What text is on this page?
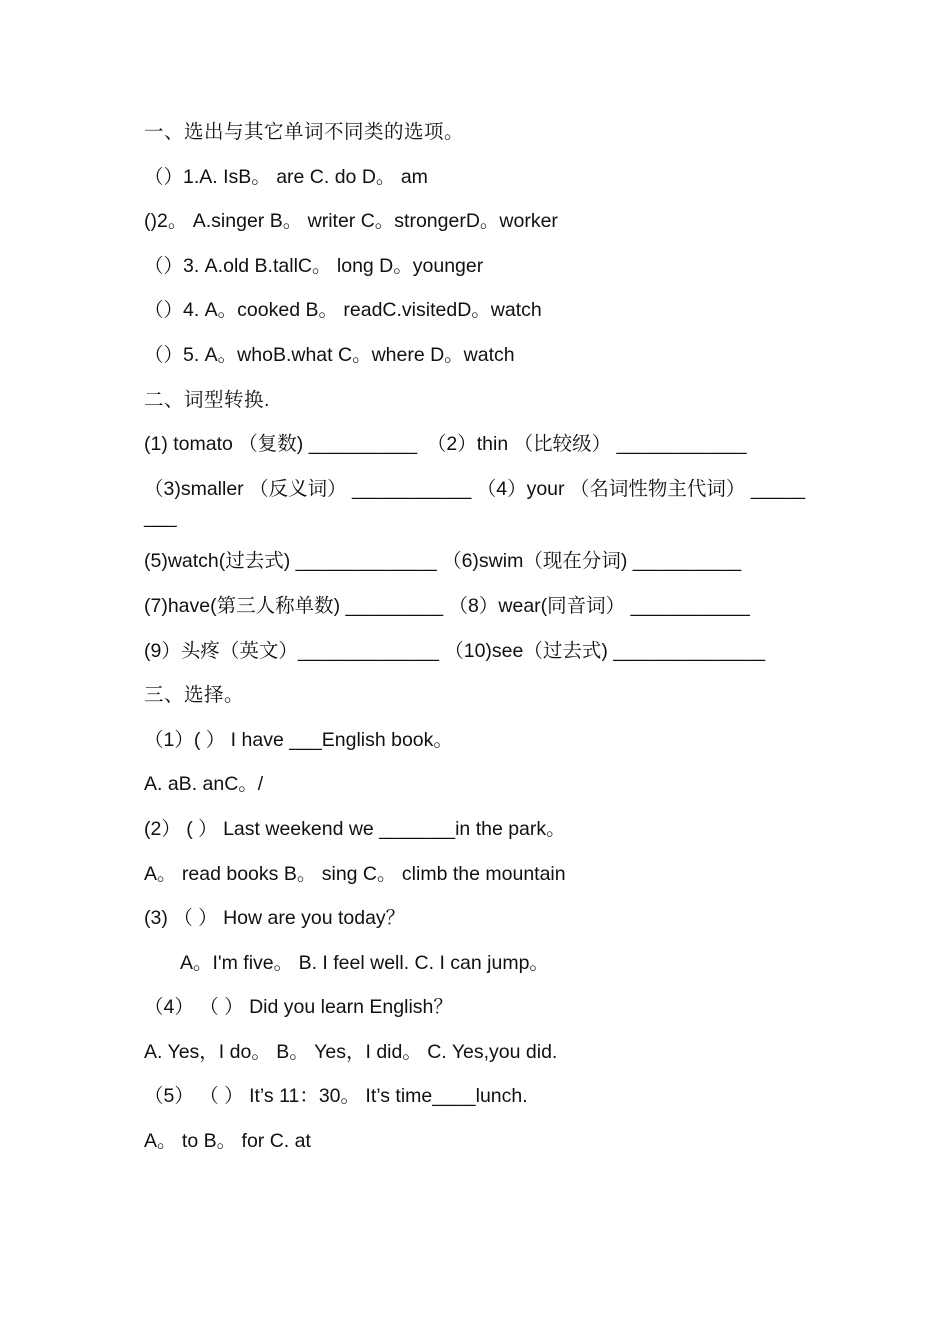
一、选出与其它单词不同类的选项。
（）1.A. IsB。 are C. do D。 am
()2。 A.singer B。 writer C。strongerD。worker
（）3. A.old B.tallC。 long D。younger
（）4. A。cooked B。 readC.visitedD。watch
（）5. A。whoB.what C。where D。watch
二、词型转换.
(1) tomato （复数) __________　（2）thin （比较级） ____________
（3)smaller （反义词） ___________ （4）your （名词性物主代词） ________
(5)watch(过去式) _____________ （6)swim（现在分词) __________
(7)have(第三人称单数) _________ （8）wear(同音词） ___________
(9）头疼（英文）_____________ （10)see（过去式) ______________
三、选择。
（1）( ） I have ___English book。
A. aB. anC。/
(2） ( ） Last weekend we _______in the park。
A。 read books B。 sing C。 climb the mountain
(3) （ ） How are you today？
A。I'm five。 B. I feel well. C. I can jump。
（4） （ ） Did you learn English？
A. Yes，I do。 B。 Yes，I did。 C. Yes,you did.
（5） （ ） It’s 11：30。 It’s time____lunch.
A。 to B。 for C. at
